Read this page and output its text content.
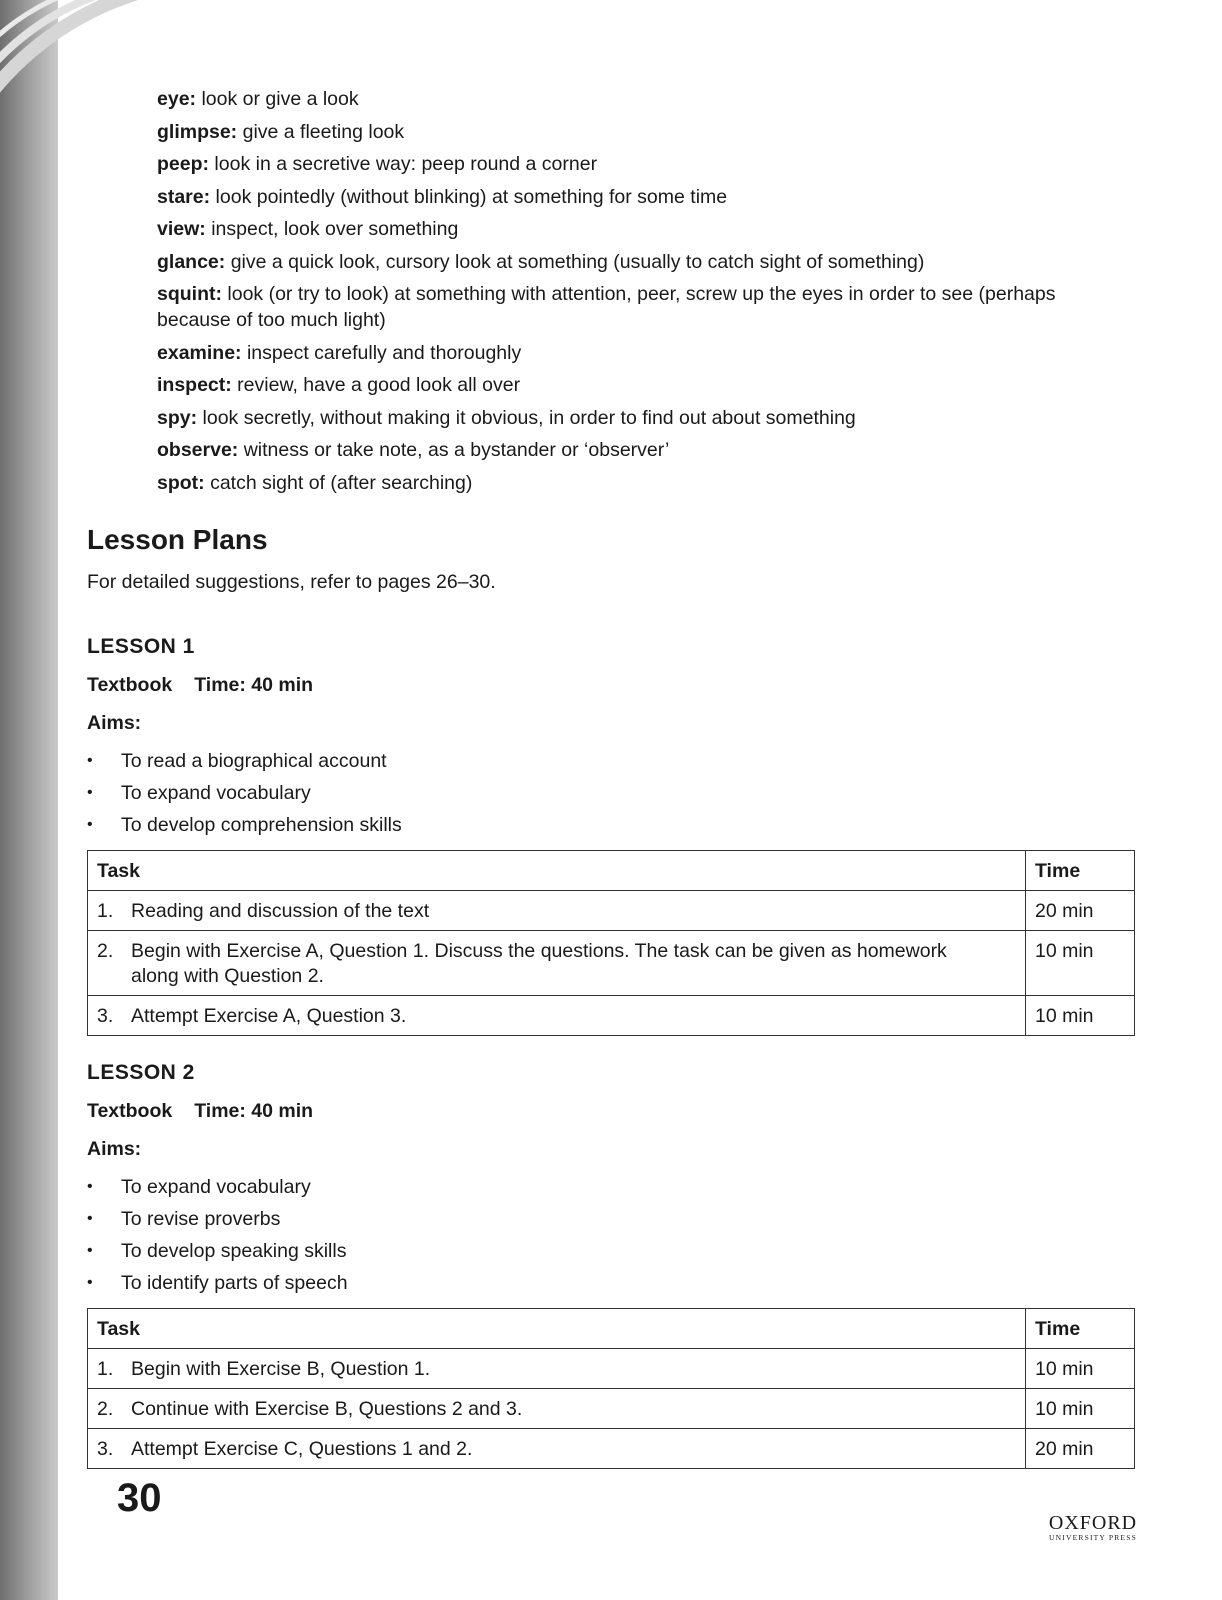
eye: look or give a look

glimpse: give a fleeting look

peep: look in a secretive way: peep round a corner

stare: look pointedly (without blinking) at something for some time

view: inspect, look over something

glance: give a quick look, cursory look at something (usually to catch sight of something)

squint: look (or try to look) at something with attention, peer, screw up the eyes in order to see (perhaps because of too much light)

examine: inspect carefully and thoroughly

inspect: review, have a good look all over

spy: look secretly, without making it obvious, in order to find out about something

observe: witness or take note, as a bystander or ‘observer’

spot: catch sight of (after searching)

Lesson Plans

For detailed suggestions, refer to pages 26–30.

LESSON 1

Textbook Time: 40 min

Aims:

• To read a biographical account
• To expand vocabulary
• To develop comprehension skills
Task	Time
1. Reading and discussion of the text	20 min
2. Begin with Exercise A, Question 1. Discuss the questions. The task can be given as homework along with Question 2.	10 min
3. Attempt Exercise A, Question 3.	10 min
LESSON 2

Textbook Time: 40 min

Aims:

• To expand vocabulary
• To revise proverbs
• To develop speaking skills
• To identify parts of speech
Task	Time
1. Begin with Exercise B, Question 1.	10 min
2. Continue with Exercise B, Questions 2 and 3.	10 min
3. Attempt Exercise C, Questions 1 and 2.	20 min

30

OXFORD
UNIVERSITY PRESS
